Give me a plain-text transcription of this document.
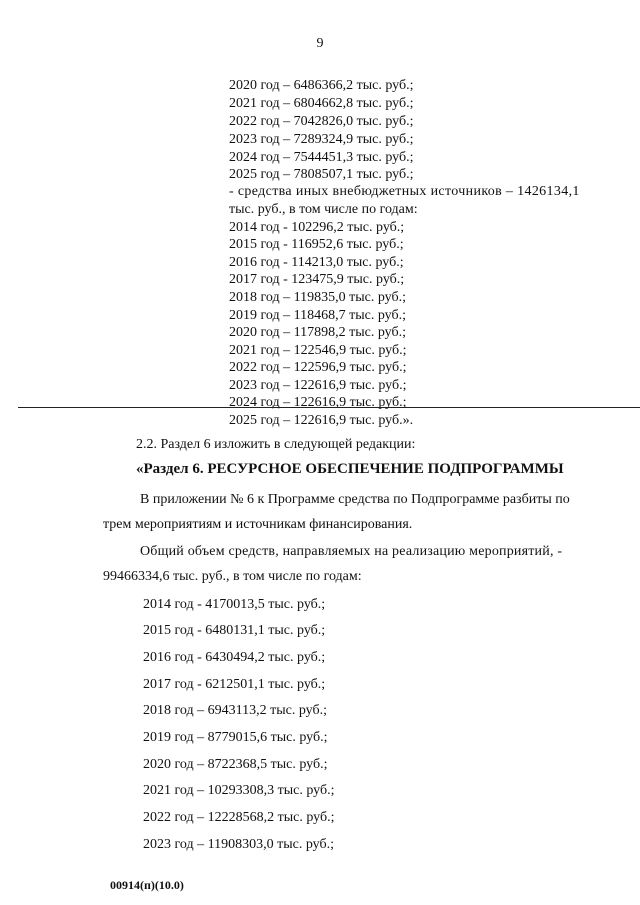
9
2020 год – 6486366,2 тыс. руб.;
2021 год – 6804662,8 тыс. руб.;
2022 год – 7042826,0 тыс. руб.;
2023 год – 7289324,9 тыс. руб.;
2024 год – 7544451,3 тыс. руб.;
2025 год – 7808507,1 тыс. руб.;
- средства иных внебюджетных источников – 1426134,1
тыс. руб., в том числе по годам:
2014 год - 102296,2 тыс. руб.;
2015 год - 116952,6 тыс. руб.;
2016 год - 114213,0 тыс. руб.;
2017 год - 123475,9 тыс. руб.;
2018 год – 119835,0 тыс. руб.;
2019 год – 118468,7 тыс. руб.;
2020 год – 117898,2 тыс. руб.;
2021 год – 122546,9 тыс. руб.;
2022 год – 122596,9 тыс. руб.;
2023 год – 122616,9 тыс. руб.;
2024 год – 122616,9 тыс. руб.;
2025 год – 122616,9 тыс. руб.».
2.2. Раздел 6 изложить в следующей редакции:
«Раздел 6. РЕСУРСНОЕ ОБЕСПЕЧЕНИЕ ПОДПРОГРАММЫ
В приложении № 6 к Программе средства по Подпрограмме разбиты по
трем мероприятиям и источникам финансирования.
Общий объем средств, направляемых на реализацию мероприятий, -
99466334,6 тыс. руб., в том числе по годам:
2014 год - 4170013,5 тыс. руб.;
2015 год - 6480131,1 тыс. руб.;
2016 год - 6430494,2 тыс. руб.;
2017 год - 6212501,1 тыс. руб.;
2018 год – 6943113,2 тыс. руб.;
2019 год – 8779015,6 тыс. руб.;
2020 год – 8722368,5 тыс. руб.;
2021 год – 10293308,3 тыс. руб.;
2022 год – 12228568,2 тыс. руб.;
2023 год – 11908303,0 тыс. руб.;
00914(п)(10.0)
